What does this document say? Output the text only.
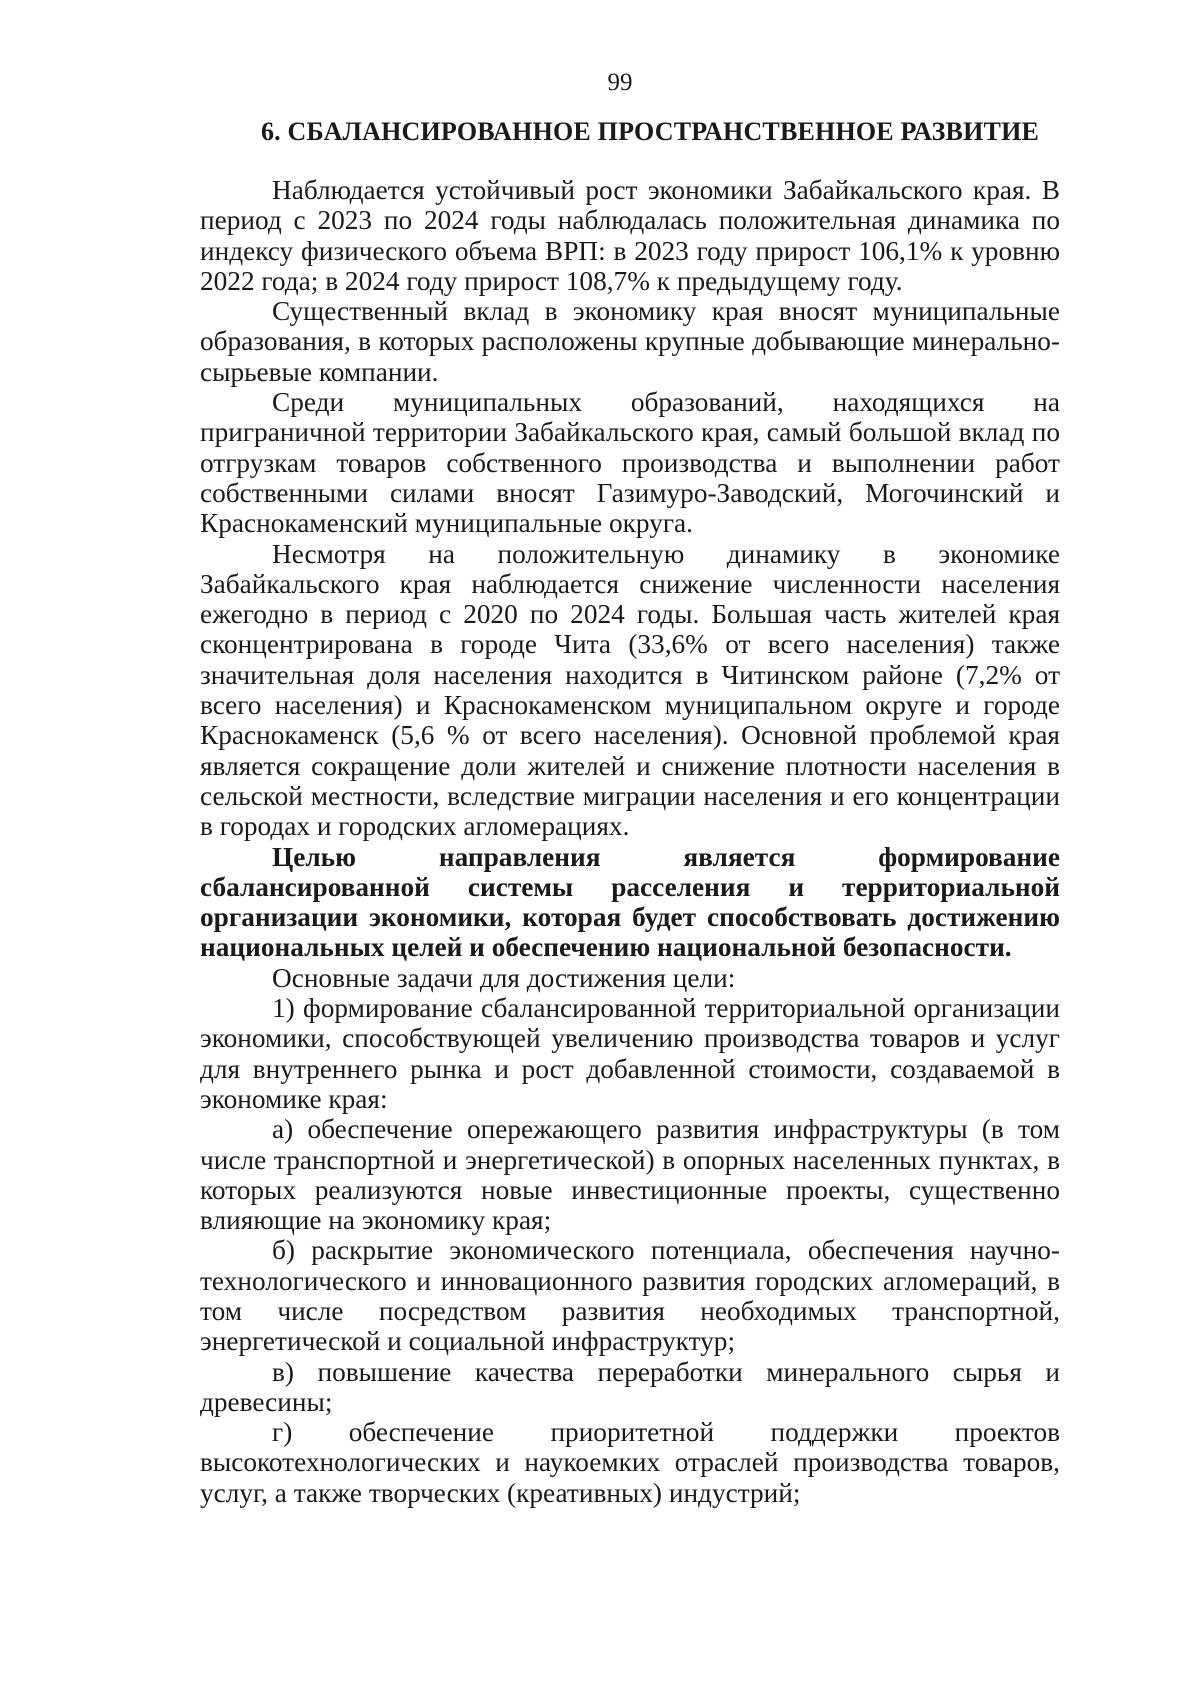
99
6. СБАЛАНСИРОВАННОЕ ПРОСТРАНСТВЕННОЕ РАЗВИТИЕ

Наблюдается устойчивый рост экономики Забайкальского края. В период с 2023 по 2024 годы наблюдалась положительная динамика по индексу физического объема ВРП: в 2023 году прирост 106,1% к уровню 2022 года; в 2024 году прирост 108,7% к предыдущему году.

Существенный вклад в экономику края вносят муниципальные образования, в которых расположены крупные добывающие минерально-сырьевые компании.

Среди муниципальных образований, находящихся на приграничной территории Забайкальского края, самый большой вклад по отгрузкам товаров собственного производства и выполнении работ собственными силами вносят Газимуро-Заводский, Могочинский и Краснокаменский муниципальные округа.

Несмотря на положительную динамику в экономике Забайкальского края наблюдается снижение численности населения ежегодно в период с 2020 по 2024 годы. Большая часть жителей края сконцентрирована в городе Чита (33,6% от всего населения) также значительная доля населения находится в Читинском районе (7,2% от всего населения) и Краснокаменском муниципальном округе и городе Краснокаменск (5,6 % от всего населения). Основной проблемой края является сокращение доли жителей и снижение плотности населения в сельской местности, вследствие миграции населения и его концентрации в городах и городских агломерациях.

Целью направления является формирование сбалансированной системы расселения и территориальной организации экономики, которая будет способствовать достижению национальных целей и обеспечению национальной безопасности.

Основные задачи для достижения цели:

1) формирование сбалансированной территориальной организации экономики, способствующей увеличению производства товаров и услуг для внутреннего рынка и рост добавленной стоимости, создаваемой в экономике края:

а) обеспечение опережающего развития инфраструктуры (в том числе транспортной и энергетической) в опорных населенных пунктах, в которых реализуются новые инвестиционные проекты, существенно влияющие на экономику края;

б) раскрытие экономического потенциала, обеспечения научно-технологического и инновационного развития городских агломераций, в том числе посредством развития необходимых транспортной, энергетической и социальной инфраструктур;

в) повышение качества переработки минерального сырья и древесины;

г) обеспечение приоритетной поддержки проектов высокотехнологических и наукоемких отраслей производства товаров, услуг, а также творческих (креативных) индустрий;
